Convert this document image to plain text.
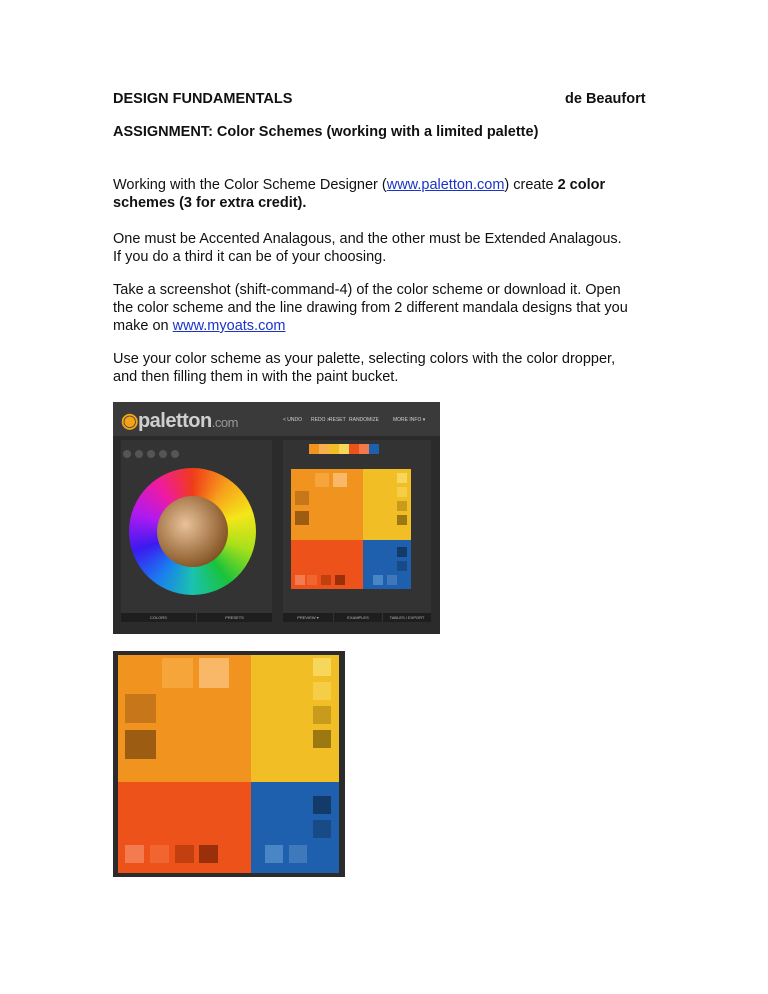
DESIGN FUNDAMENTALS	de Beaufort
ASSIGNMENT: Color Schemes (working with a limited palette)

Working with the Color Scheme Designer (www.paletton.com) create 2 color

schemes (3 for extra credit).

One must be Accented Analagous, and the other must be Extended Analagous.

If you do a third it can be of your choosing.

Take a screenshot (shift-command-4) of the color scheme or download it. Open

the color scheme and the line drawing from 2 different mandala designs that you

make on www.myoats.com

Use your color scheme as your palette, selecting colors with the color dropper,

and then filling them in with the paint bucket.

◉paletton.com	< UNDO REDO > RESET RANDOMIZE	MORE INFO ▾
COLORS	PRESETS	PREVIEW ▾	EXAMPLES	TABLES / EXPORT
